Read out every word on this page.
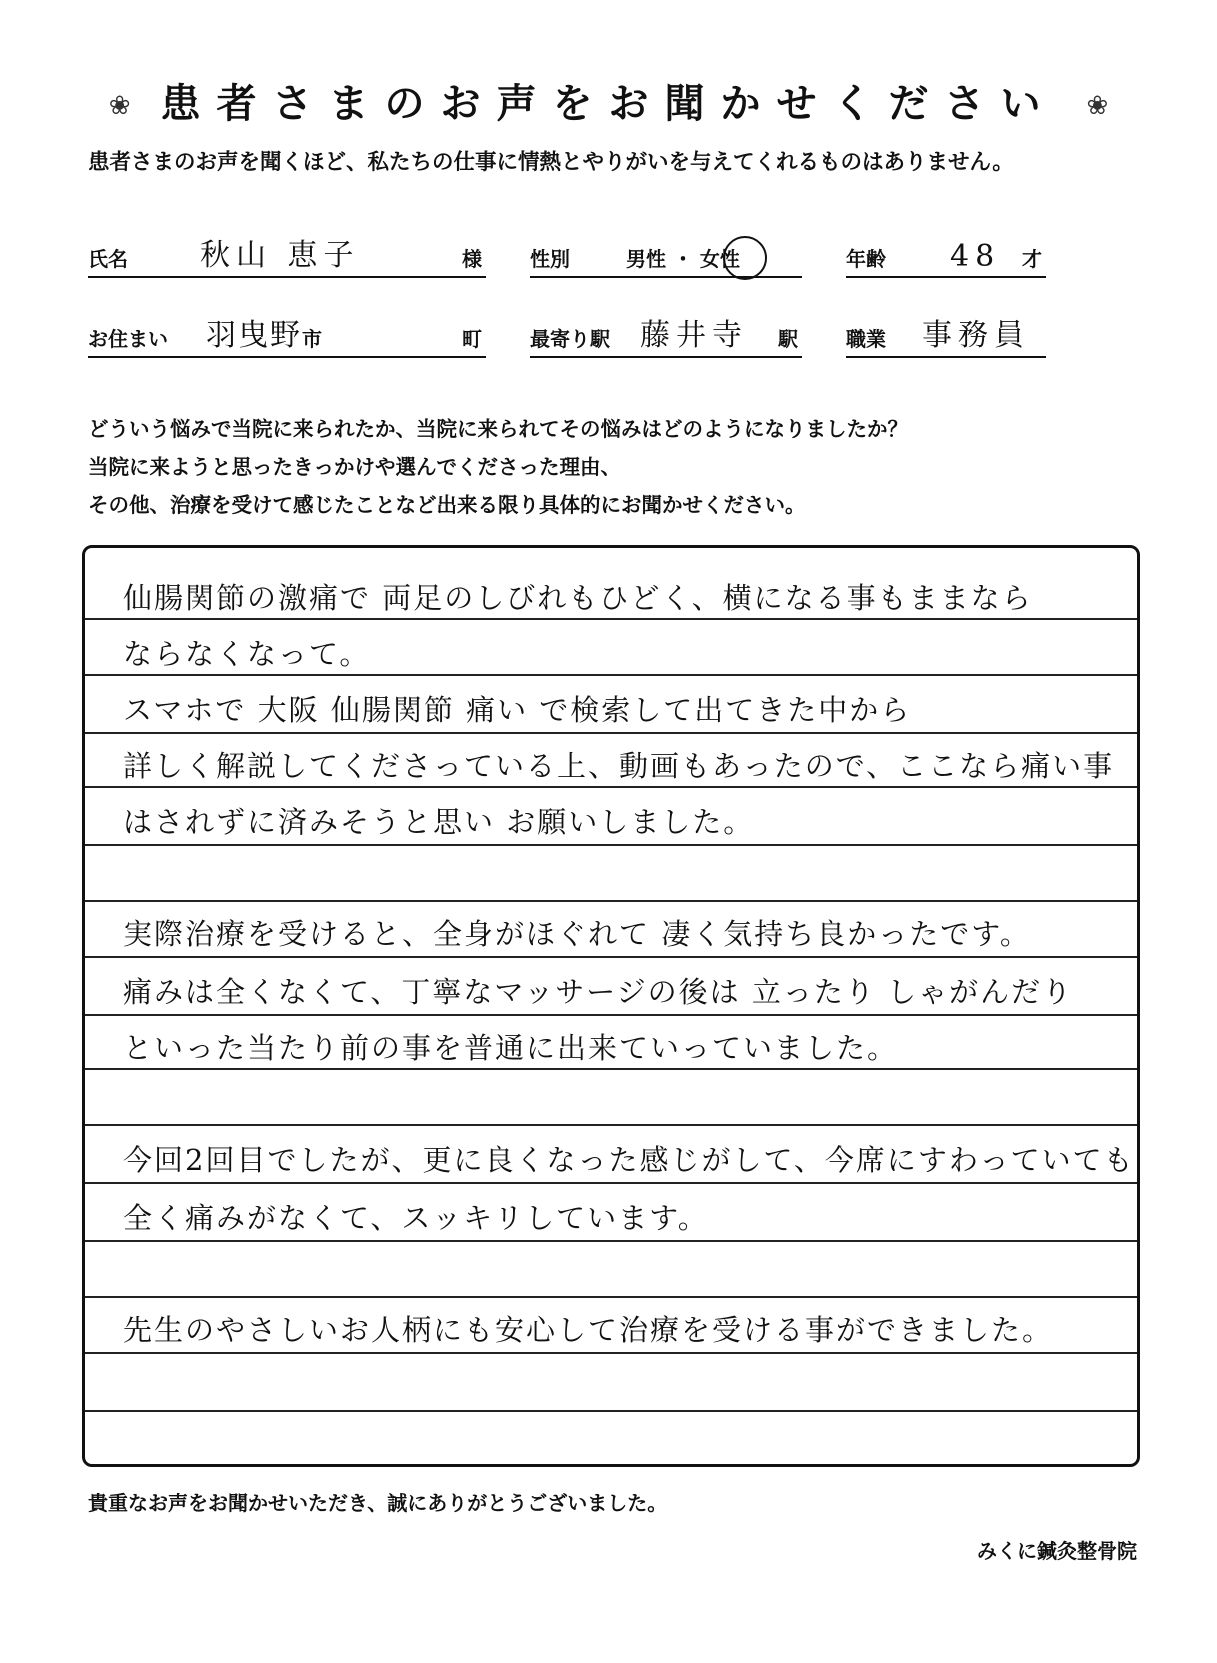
❀ 患者さまのお声をお聞かせください ❀
患者さまのお声を聞くほど、私たちの仕事に情熱とやりがいを与えてくれるものはありません。
氏名 秋山 恵子	様 性別	男性 ・ 女性	年齢 48 才
お住まい 羽曳野 市	町 最寄り駅 藤井寺 駅 職業 事務員
どういう悩みで当院に来られたか、当院に来られてその悩みはどのようになりましたか？
当院に来ようと思ったきっかけや選んでくださった理由、
その他、治療を受けて感じたことなど出来る限り具体的にお聞かせください。
仙腸関節の激痛で 両足のしびれもひどく、横になる事もままなら
ならなくなって。
スマホで 大阪 仙腸関節 痛い で検索して出てきた中から
詳しく解説してくださっている上、動画もあったので、ここなら痛い事
はされずに済みそうと思い お願いしました。
実際治療を受けると、全身がほぐれて 凄く気持ち良かったです。
痛みは全くなくて、丁寧なマッサージの後は 立ったり しゃがんだり
といった当たり前の事を普通に出来ていっていました。
今回2回目でしたが、更に良くなった感じがして、今席にすわっていても
全く痛みがなくて、スッキリしています。
先生のやさしいお人柄にも安心して治療を受ける事ができました。
貴重なお声をお聞かせいただき、誠にありがとうございました。
みくに鍼灸整骨院
